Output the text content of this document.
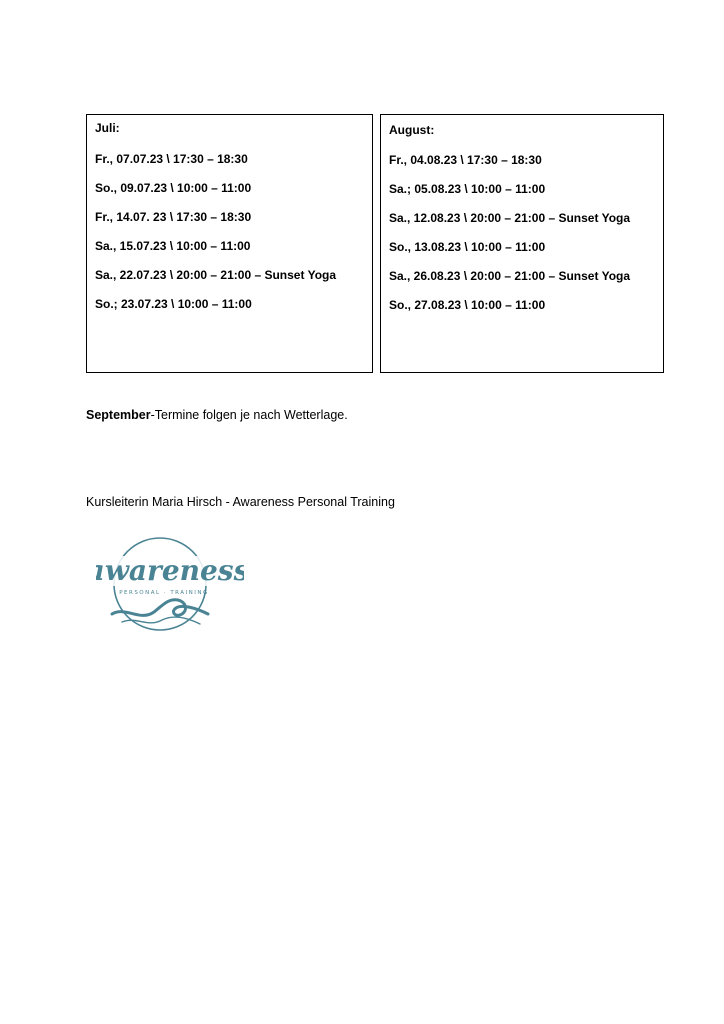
Juli:
Fr., 07.07.23 \ 17:30 – 18:30
So., 09.07.23 \ 10:00 – 11:00
Fr., 14.07. 23 \ 17:30 – 18:30
Sa., 15.07.23 \ 10:00 – 11:00
Sa., 22.07.23 \ 20:00 – 21:00 – Sunset Yoga
So.; 23.07.23 \ 10:00 – 11:00
August:
Fr., 04.08.23 \ 17:30 – 18:30
Sa.; 05.08.23 \ 10:00 – 11:00
Sa., 12.08.23 \ 20:00 – 21:00 – Sunset Yoga
So., 13.08.23 \ 10:00 – 11:00
Sa., 26.08.23 \ 20:00 – 21:00 – Sunset Yoga
So., 27.08.23 \ 10:00 – 11:00
September-Termine folgen je nach Wetterlage.
Kursleiterin Maria Hirsch - Awareness Personal Training
awareness
PERSONAL · TRAINING
